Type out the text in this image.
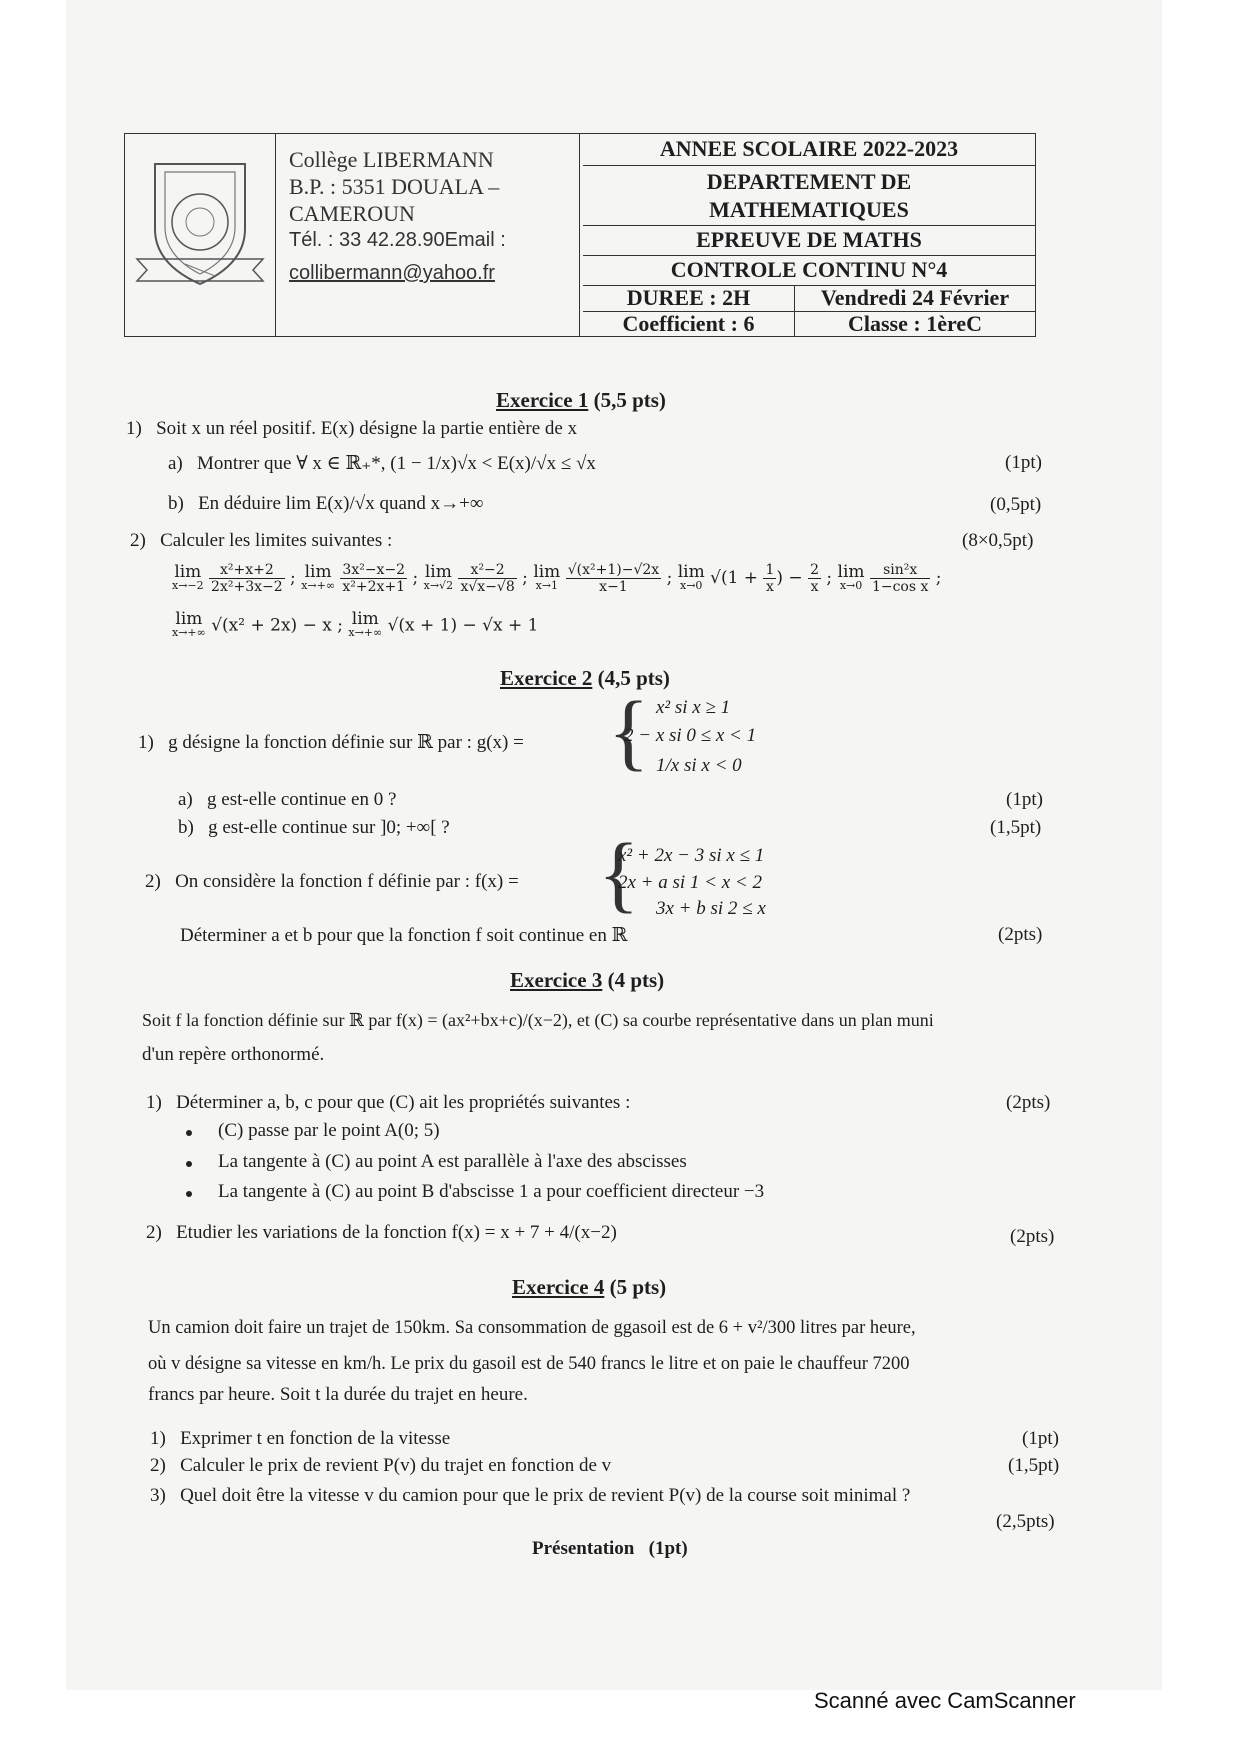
Collège LIBERMANN
B.P. : 5351 DOUALA –
CAMEROUN
Tél. : 33 42.28.90Email :
collibermann@yahoo.fr
ANNEE SCOLAIRE 2022-2023
DEPARTEMENT DE
MATHEMATIQUES
EPREUVE DE MATHS
CONTROLE CONTINU N°4
DUREE : 2H	Vendredi 24 Février
Coefficient : 6	Classe : 1èreC
Exercice 1 (5,5 pts)
1)   Soit x un réel positif. E(x) désigne la partie entière de x
a)   Montrer que ∀ x ∈ ℝ₊*, (1 − 1/x)√x < E(x)/√x ≤ √x	(1pt)
b)   En déduire lim E(x)/√x quand x→+∞	(0,5pt)
2)   Calculer les limites suivantes :	(8×0,5pt)
lim
x→−2
$\frac{\text{x²+x+2}}{\text{2x²+3x−2}}$ ; lim
x→+∞
$\frac{\text{3x²−x−2}}{\text{x²+2x+1}}$ ; lim
x→√2
$\frac{\text{x²−2}}{x√x-√8}$ ; lim
x→1
$\frac{\text{√(x²+1)−√2x}}{x-1}$ ; lim
x→0 $√(1 + \frac{1}{x}$ ) − $\frac{2}{x}$ ; lim
x→0
$\frac{\text{sin²x}}{\text{1−cos x}}$ ;
lim
x→+∞ √(x² + 2x) − x ; lim
x→+∞ √(x + 1) − √x + 1
Exercice 2 (4,5 pts)
1)   g désigne la fonction définie sur ℝ par : g(x) = { x² si x ≥ 1
2 − x si 0 ≤ x < 1
1/x si x < 0
a)   g est-elle continue en 0 ?	(1pt)
b)   g est-elle continue sur ]0; +∞[ ?	(1,5pt)
2)   On considère la fonction f définie par : f(x) = {
x² + 2x − 3 si x ≤ 1
2x + a si 1 < x < 2
3x + b si 2 ≤ x
Déterminer a et b pour que la fonction f soit continue en ℝ	(2pts)
Exercice 3 (4 pts)
Soit f la fonction définie sur ℝ par f(x) = (ax²+bx+c)/(x−2), et (C) sa courbe représentative dans un plan muni
d'un repère orthonormé.
1)   Déterminer a, b, c pour que (C) ait les propriétés suivantes :	(2pts)
(C) passe par le point A(0; 5)
La tangente à (C) au point A est parallèle à l'axe des abscisses
La tangente à (C) au point B d'abscisse 1 a pour coefficient directeur −3
2)   Etudier les variations de la fonction f(x) = x + 7 + 4/(x−2)	(2pts)
Exercice 4 (5 pts)
Un camion doit faire un trajet de 150km. Sa consommation de ggasoil est de 6 + v²/300 litres par heure,
où v désigne sa vitesse en km/h. Le prix du gasoil est de 540 francs le litre et on paie le chauffeur 7200
francs par heure. Soit t la durée du trajet en heure.
1)   Exprimer t en fonction de la vitesse	(1pt)
2)   Calculer le prix de revient P(v) du trajet en fonction de v	(1,5pt)
3)   Quel doit être la vitesse v du camion pour que le prix de revient P(v) de la course soit minimal ?
(2,5pts)
Présentation (1pt)
Scanné avec CamScanner
